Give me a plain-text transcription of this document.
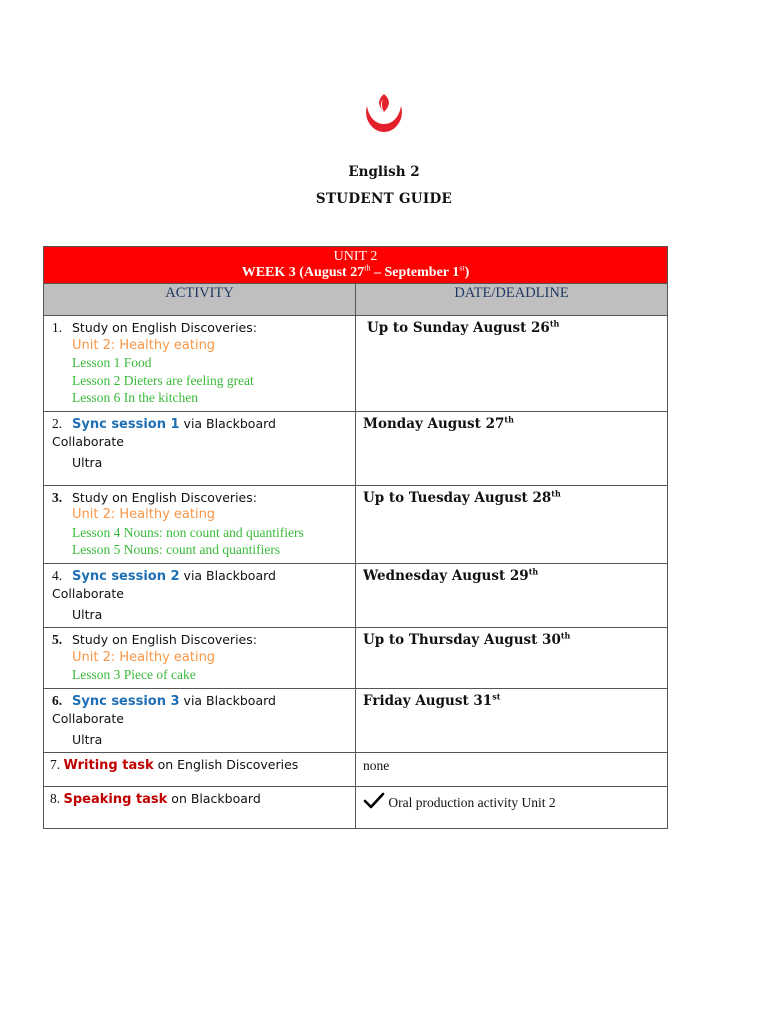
English 2
STUDENT GUIDE
UNIT 2
WEEK 3 (August 27th – September 1st)	

ACTIVITY	DATE/DEADLINE

1. Study on English Discoveries:
Unit 2: Healthy eating
Lesson 1 Food
Lesson 2 Dieters are feeling great
Lesson 6 In the kitchen	Up to Sunday August 26th

2. Sync session 1 via Blackboard Collaborate
Ultra	Monday August 27th

3. Study on English Discoveries:
Unit 2: Healthy eating
Lesson 4 Nouns: non count and quantifiers
Lesson 5 Nouns: count and quantifiers	Up to Tuesday August 28th

4. Sync session 2 via Blackboard Collaborate
Ultra	Wednesday August 29th

5. Study on English Discoveries:
Unit 2: Healthy eating
Lesson 3 Piece of cake	Up to Thursday August 30th

6. Sync session 3 via Blackboard Collaborate
Ultra	Friday August 31st

7. Writing task on English Discoveries	none

8. Speaking task on Blackboard	Oral production activity Unit 2
